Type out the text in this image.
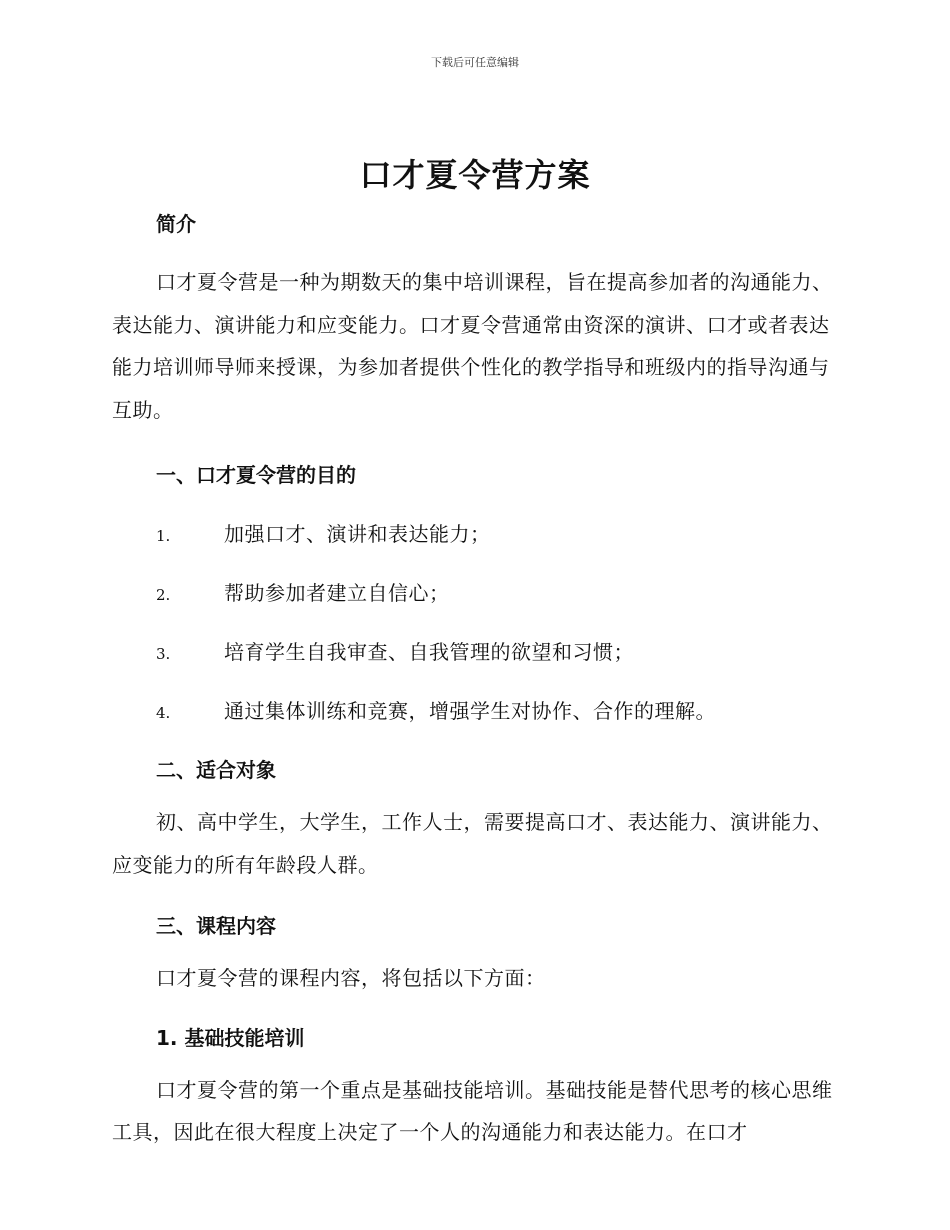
下载后可任意编辑
口才夏令营方案
简介

口才夏令营是一种为期数天的集中培训课程，旨在提高参加者的沟通能力、表达能力、演讲能力和应变能力。口才夏令营通常由资深的演讲、口才或者表达能力培训师导师来授课，为参加者提供个性化的教学指导和班级内的指导沟通与互助。

一、口才夏令营的目的
1.	加强口才、演讲和表达能力；
2.	帮助参加者建立自信心；
3.	培育学生自我审查、自我管理的欲望和习惯；
4.	通过集体训练和竞赛，增强学生对协作、合作的理解。
二、适合对象

初、高中学生，大学生，工作人士，需要提高口才、表达能力、演讲能力、应变能力的所有年龄段人群。

三、课程内容

口才夏令营的课程内容，将包括以下方面：

1. 基础技能培训

口才夏令营的第一个重点是基础技能培训。基础技能是替代思考的核心思维工具，因此在很大程度上决定了一个人的沟通能力和表达能力。在口才
